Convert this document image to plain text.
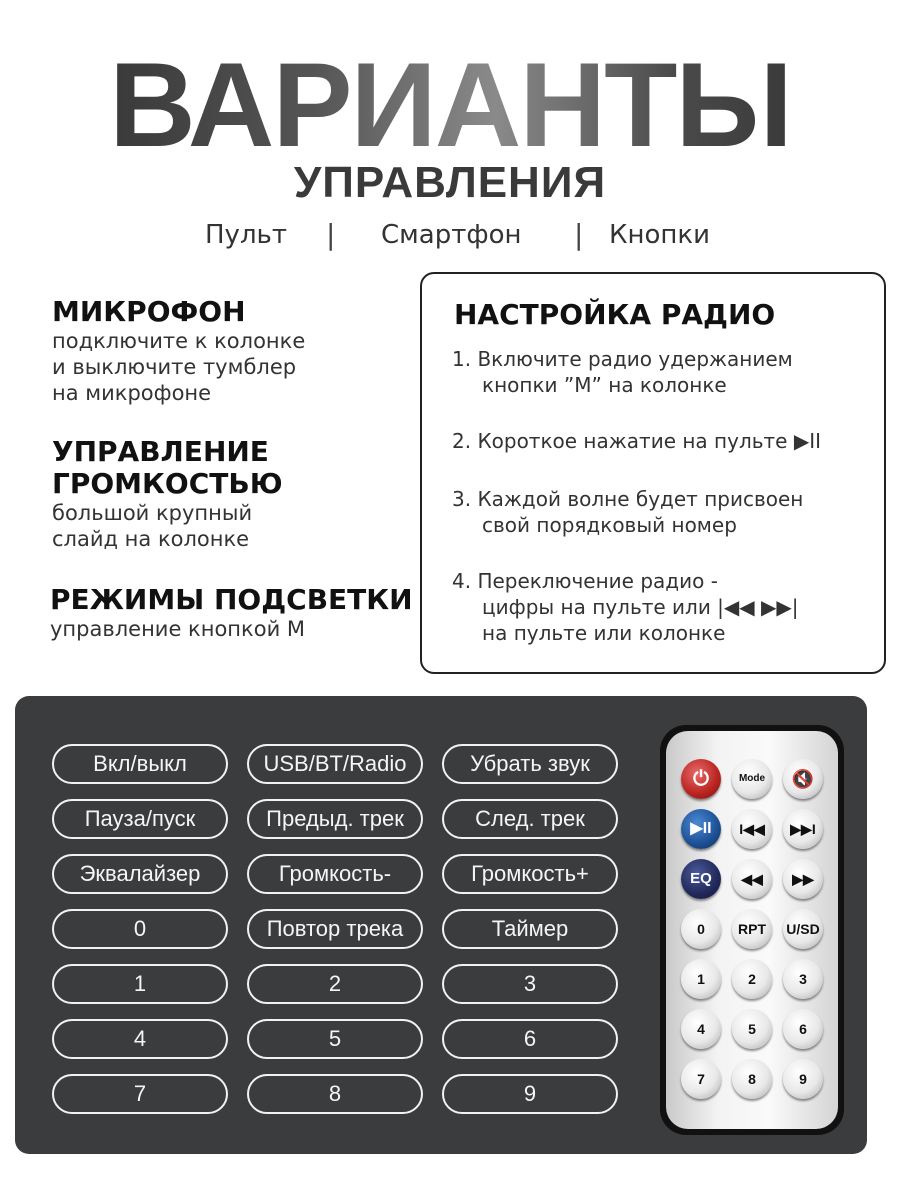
ВАРИАНТЫ
УПРАВЛЕНИЯ
Пульт | Смартфон | Кнопки
МИКРОФОН
подключите к колонке
и выключите тумблер
на микрофоне
УПРАВЛЕНИЕ
ГРОМКОСТЬЮ
большой крупный
слайд на колонке
РЕЖИМЫ ПОДСВЕТКИ
управление кнопкой М
НАСТРОЙКА РАДИО
1. Включите радио удержанием
кнопки ”М” на колонке
2. Короткое нажатие на пульте ▶II
3. Каждой волне будет присвоен
свой порядковый номер
4. Переключение радио -
цифры на пульте или |◀◀ ▶▶|
на пульте или колонке
Вкл/выкл	USB/BT/Radio	Убрать звук
Пауза/пуск	Предыд. трек	След. трек
Эквалайзер	Громкость-	Громкость+
0	Повтор трека	Таймер
1	2	3
4	5	6
7	8	9
⏻	Mode	🔇
▶II	I◀◀	▶▶I
EQ	◀◀	▶▶
0	RPT	U/SD
1	2	3
4	5	6
7	8	9
